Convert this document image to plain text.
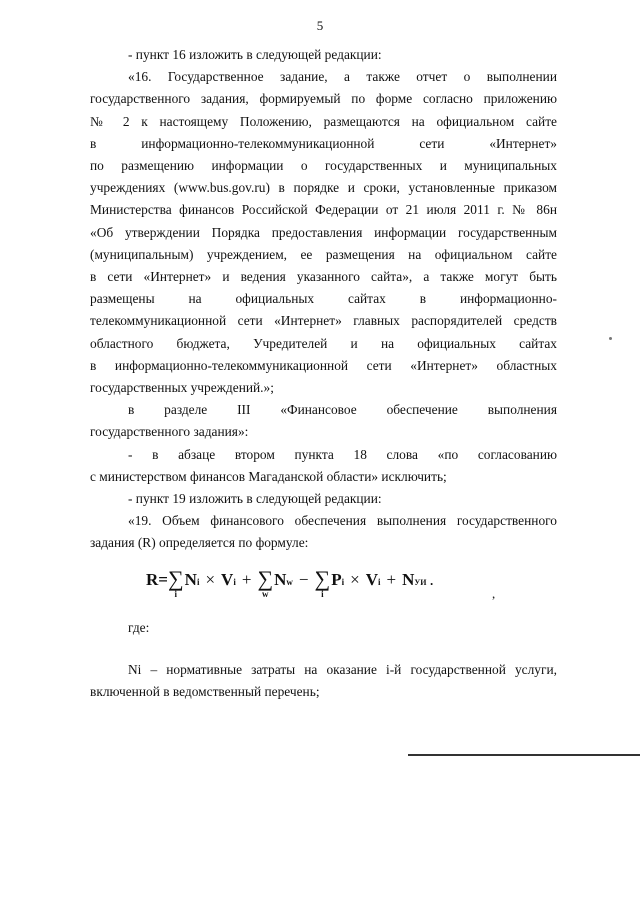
5

- пункт 16 изложить в следующей редакции:

«16. Государственное задание, а также отчет о выполнении

государственного задания, формируемый по форме согласно приложению

№ 2 к настоящему Положению, размещаются на официальном сайте

в информационно-телекоммуникационной сети «Интернет»

по размещению информации о государственных и муниципальных

учреждениях (www.bus.gov.ru) в порядке и сроки, установленные приказом

Министерства финансов Российской Федерации от 21 июля 2011 г. № 86н

«Об утверждении Порядка предоставления информации государственным

(муниципальным) учреждением, ее размещения на официальном сайте

в сети «Интернет» и ведения указанного сайта», а также могут быть

размещены на официальных сайтах в информационно-

телекоммуникационной сети «Интернет» главных распорядителей средств

областного бюджета, Учредителей и на официальных сайтах

в информационно-телекоммуникационной сети «Интернет» областных

государственных учреждений.»;

в разделе III «Финансовое обеспечение выполнения

государственного задания»:

- в абзаце втором пункта 18 слова «по согласованию

с министерством финансов Магаданской области» исключить;

- пункт 19 изложить в следующей редакции:

«19. Объем финансового обеспечения выполнения государственного

задания (R) определяется по формуле:

R= ∑
i
N i × V i + ∑
w
N w − ∑
i
P i × V i + N УИ .
,

где:

Ni – нормативные затраты на оказание i-й государственной услуги,

включенной в ведомственный перечень;
